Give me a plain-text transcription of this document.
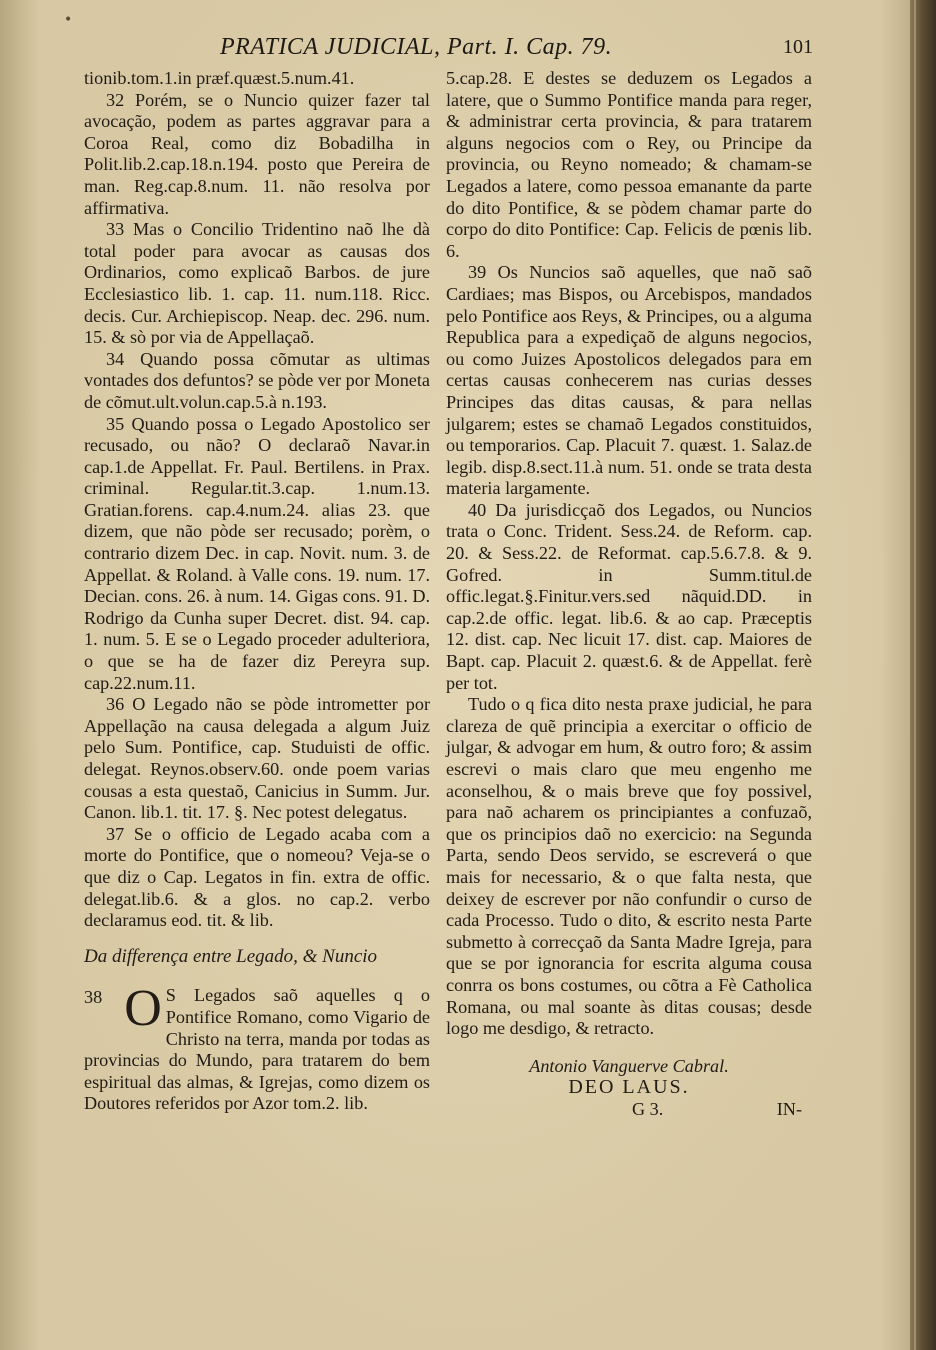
•
PRATICA JUDICIAL, Part. I. Cap. 79.	101

tionib.tom.1.in præf.quæst.5.num.41.

32 Porém, se o Nuncio quizer fazer tal avocação, podem as partes aggravar para a Coroa Real, como diz Bobadilha in Polit.lib.2.cap.18.n.194. posto que Pereira de man. Reg.cap.8.num. 11. não resolva por affirmativa.

33 Mas o Concilio Tridentino naõ lhe dà total poder para avocar as causas dos Ordinarios, como explicaõ Barbos. de jure Ecclesiastico lib. 1. cap. 11. num.118. Ricc. decis. Cur. Archiepiscop. Neap. dec. 296. num. 15. & sò por via de Appellaçaõ.

34 Quando possa cõmutar as ultimas vontades dos defuntos? se pòde ver por Moneta de cõmut.ult.volun.cap.5.à n.193.

35 Quando possa o Legado Apostolico ser recusado, ou não? O declaraõ Navar.in cap.1.de Appellat. Fr. Paul. Bertilens. in Prax. criminal. Regular.tit.3.cap. 1.num.13. Gratian.forens. cap.4.num.24. alias 23. que dizem, que não pòde ser recusado; porèm, o contrario dizem Dec. in cap. Novit. num. 3. de Appellat. & Roland. à Valle cons. 19. num. 17. Decian. cons. 26. à num. 14. Gigas cons. 91. D. Rodrigo da Cunha super Decret. dist. 94. cap. 1. num. 5. E se o Legado proceder adulteriora, o que se ha de fazer diz Pereyra sup. cap.22.num.11.

36 O Legado não se pòde intrometter por Appellação na causa delegada a algum Juiz pelo Sum. Pontifice, cap. Studuisti de offic. delegat. Reynos.observ.60. onde poem varias cousas a esta questaõ, Canicius in Summ. Jur. Canon. lib.1. tit. 17. §. Nec potest delegatus.

37 Se o officio de Legado acaba com a morte do Pontifice, que o nomeou? Veja-se o que diz o Cap. Legatos in fin. extra de offic. delegat.lib.6. & a glos. no cap.2. verbo declaramus eod. tit. & lib.

Da differença entre Legado, & Nuncio

38 O S Legados saõ aquelles q o Pontifice Romano, como Vigario de Christo na terra, manda por todas as provincias do Mundo, para tratarem do bem espiritual das almas, & Igrejas, como dizem os Doutores referidos por Azor tom.2. lib.

5.cap.28. E destes se deduzem os Legados a latere, que o Summo Pontifice manda para reger, & administrar certa provincia, & para tratarem alguns negocios com o Rey, ou Principe da provincia, ou Reyno nomeado; & chamam-se Legados a latere, como pessoa emanante da parte do dito Pontifice, & se pòdem chamar parte do corpo do dito Pontifice: Cap. Felicis de pœnis lib. 6.

39 Os Nuncios saõ aquelles, que naõ saõ Cardiaes; mas Bispos, ou Arcebispos, mandados pelo Pontifice aos Reys, & Principes, ou a alguma Republica para a expediçaõ de alguns negocios, ou como Juizes Apostolicos delegados para em certas causas conhecerem nas curias desses Principes das ditas causas, & para nellas julgarem; estes se chamaõ Legados constituidos, ou temporarios. Cap. Placuit 7. quæst. 1. Salaz.de legib. disp.8.sect.11.à num. 51. onde se trata desta materia largamente.

40 Da jurisdicçaõ dos Legados, ou Nuncios trata o Conc. Trident. Sess.24. de Reform. cap. 20. & Sess.22. de Reformat. cap.5.6.7.8. & 9. Gofred. in Summ.titul.de offic.legat.§.Finitur.vers.sed nãquid.DD. in cap.2.de offic. legat. lib.6. & ao cap. Præceptis 12. dist. cap. Nec licuit 17. dist. cap. Maiores de Bapt. cap. Placuit 2. quæst.6. & de Appellat. ferè per tot.

Tudo o q fica dito nesta praxe judicial, he para clareza de quẽ principia a exercitar o officio de julgar, & advogar em hum, & outro foro; & assim escrevi o mais claro que meu engenho me aconselhou, & o mais breve que foy possivel, para naõ acharem os principiantes a confuzaõ, que os principios daõ no exercicio: na Segunda Parta, sendo Deos servido, se escreverá o que mais for necessario, & o que falta nesta, que deixey de escrever por não confundir o curso de cada Processo. Tudo o dito, & escrito nesta Parte submetto à correcçaõ da Santa Madre Igreja, para que se por ignorancia for escrita alguma cousa conrra os bons costumes, ou cõtra a Fè Catholica Romana, ou mal soante às ditas cousas; desde logo me desdigo, & retracto.

Antonio Vanguerve Cabral.

DEO LAUS.

G 3.	IN-
